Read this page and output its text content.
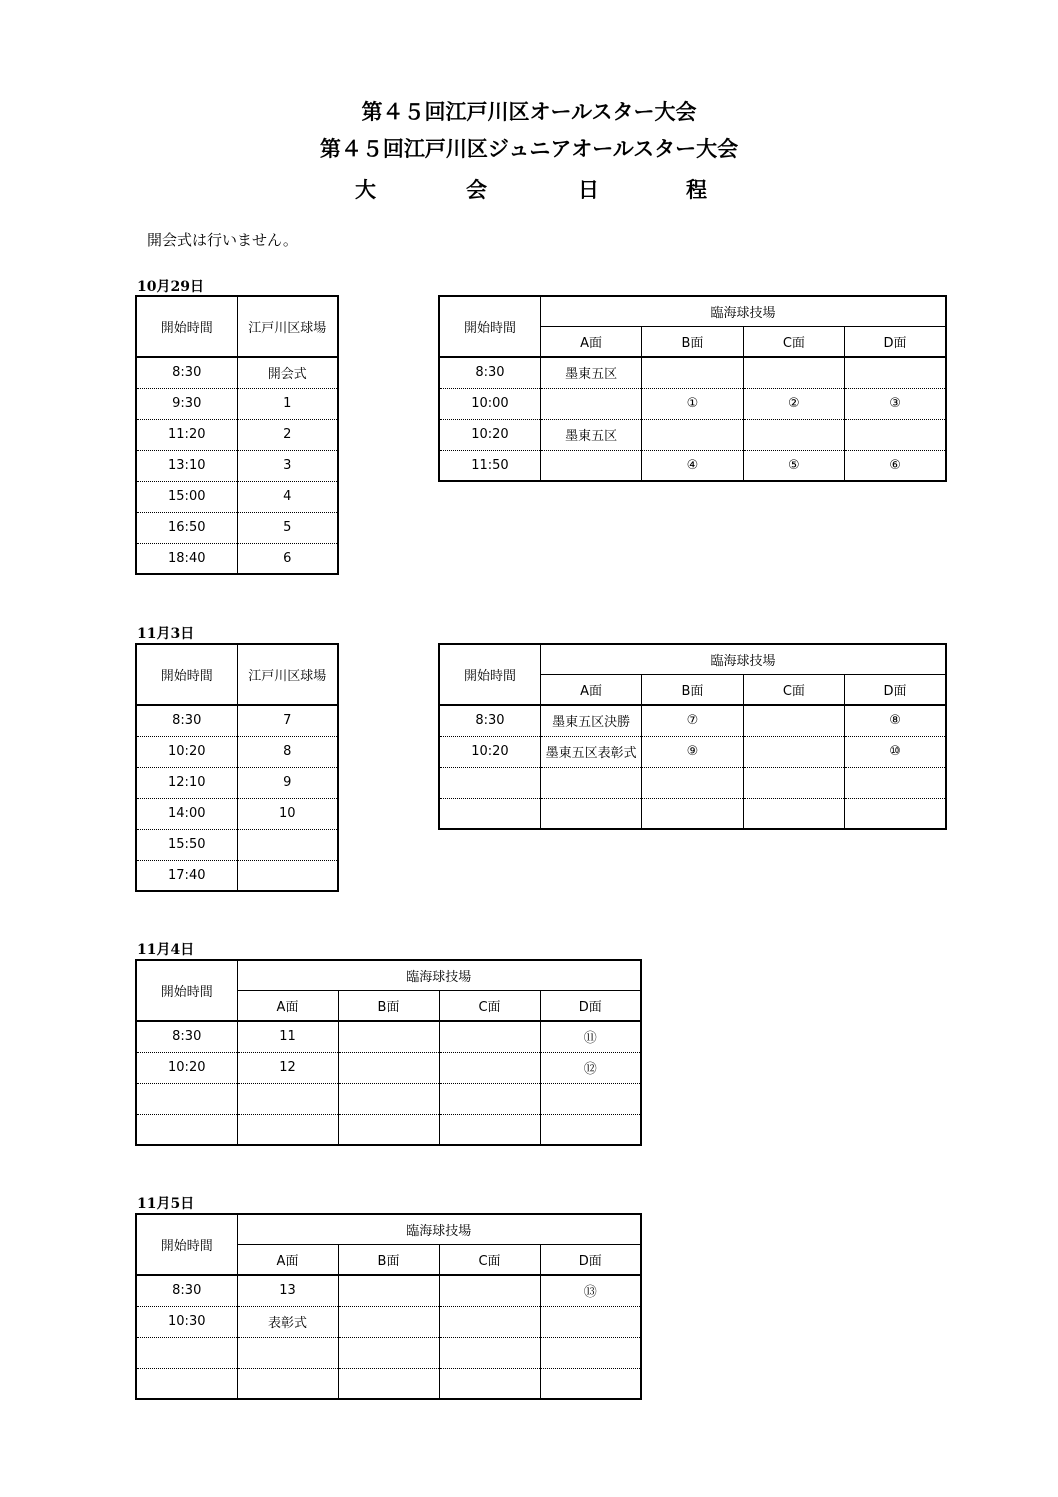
第４５回江戸川区オールスター大会
第４５回江戸川区ジュニアオールスター大会
大	会	日	程
開会式は行いません。
10月29日
開始時間	江戸川区球場
8:30	開会式
9:30	1
11:20	2
13:10	3
15:00	4
16:50	5
18:40	6
開始時間	臨海球技場			
	A面	B面	C面	D面
8:30	墨東五区			
10:00		①	②	③
10:20	墨東五区			
11:50		④	⑤	⑥
11月3日
開始時間	江戸川区球場
8:30	7
10:20	8
12:10	9
14:00	10
15:50	
17:40	
開始時間	臨海球技場			
	A面	B面	C面	D面
8:30	墨東五区決勝	⑦		⑧
10:20	墨東五区表彰式	⑨		⑩

11月4日
開始時間	臨海球技場			
	A面	B面	C面	D面
8:30	11			⑪
10:20	12			⑫

11月5日
開始時間	臨海球技場			
	A面	B面	C面	D面
8:30	13			⑬
10:30	表彰式			
